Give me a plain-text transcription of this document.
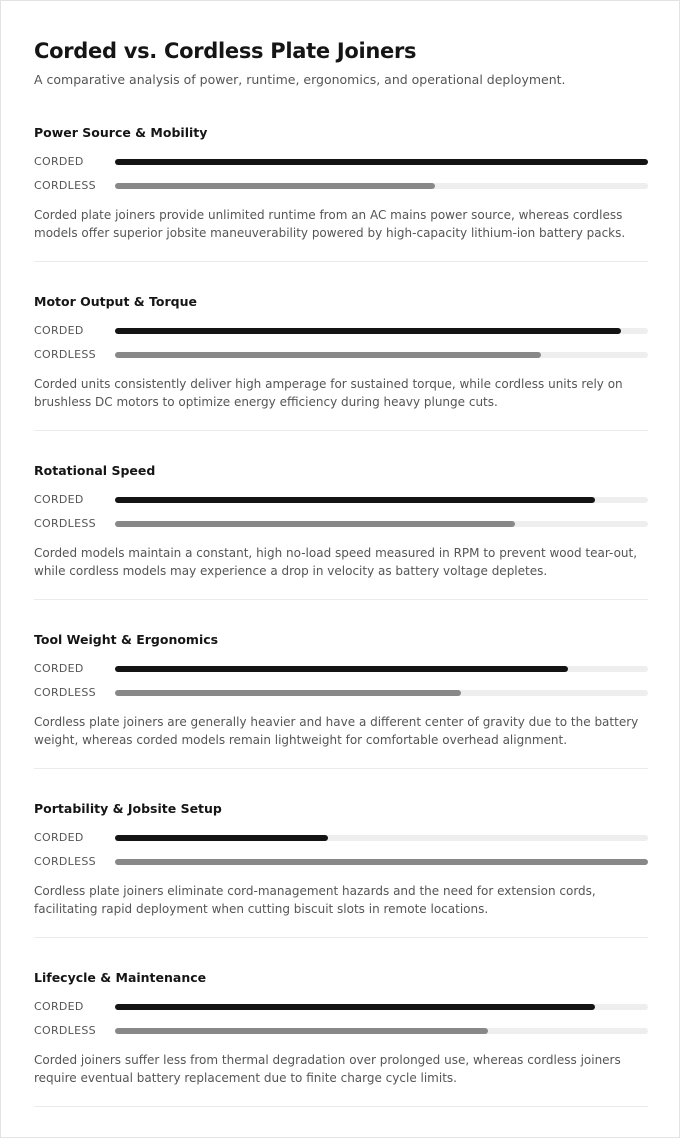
Corded vs. Cordless Plate Joiners
A comparative analysis of power, runtime, ergonomics, and operational deployment.
Power Source & Mobility
CORDED
CORDLESS
Corded plate joiners provide unlimited runtime from an AC mains power source, whereas cordless models offer superior jobsite maneuverability powered by high-capacity lithium-ion battery packs.
Motor Output & Torque
CORDED
CORDLESS
Corded units consistently deliver high amperage for sustained torque, while cordless units rely on brushless DC motors to optimize energy efficiency during heavy plunge cuts.
Rotational Speed
CORDED
CORDLESS
Corded models maintain a constant, high no-load speed measured in RPM to prevent wood tear-out, while cordless models may experience a drop in velocity as battery voltage depletes.
Tool Weight & Ergonomics
CORDED
CORDLESS
Cordless plate joiners are generally heavier and have a different center of gravity due to the battery weight, whereas corded models remain lightweight for comfortable overhead alignment.
Portability & Jobsite Setup
CORDED
CORDLESS
Cordless plate joiners eliminate cord-management hazards and the need for extension cords, facilitating rapid deployment when cutting biscuit slots in remote locations.
Lifecycle & Maintenance
CORDED
CORDLESS
Corded joiners suffer less from thermal degradation over prolonged use, whereas cordless joiners require eventual battery replacement due to finite charge cycle limits.
